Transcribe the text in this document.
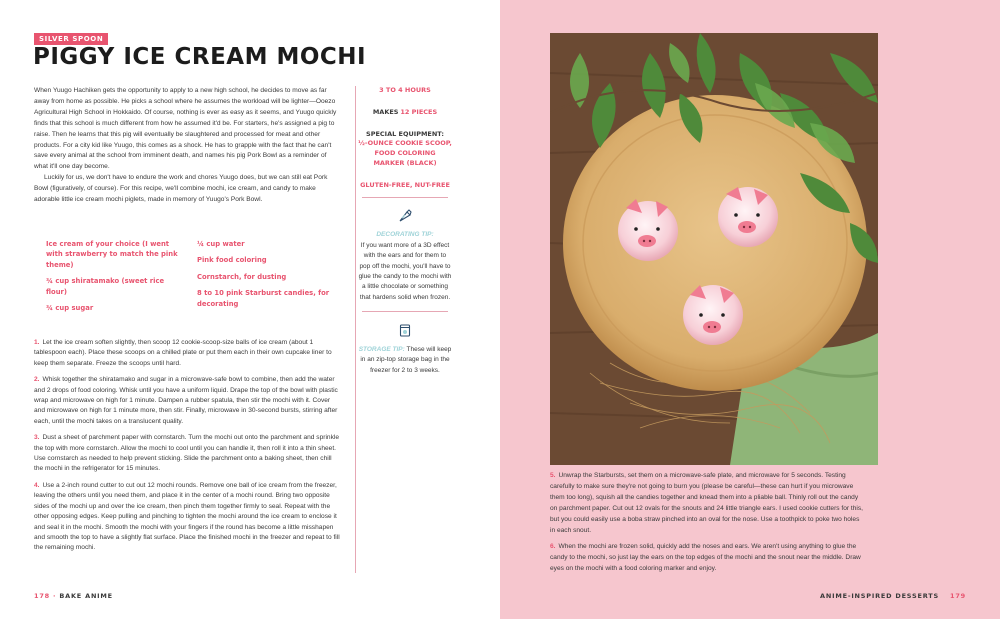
SILVER SPOON
PIGGY ICE CREAM MOCHI

When Yuugo Hachiken gets the opportunity to apply to a new high school, he decides to move as far away from home as possible. He picks a school where he assumes the workload will be lighter—Ooezo Agricultural High School in Hokkaido. Of course, nothing is ever as easy as it seems, and Yuugo quickly finds that this school is much different from how he assumed it'd be. For starters, he's assigned a pig to raise. Then he learns that this pig will eventually be slaughtered and processed for meat and other products. For a city kid like Yuugo, this comes as a shock. He has to grapple with the fact that he can't save every animal at the school from imminent death, and names his pig Pork Bowl as a reminder of what it'll one day become.

Luckily for us, we don't have to endure the work and chores Yuugo does, but we can still eat Pork Bowl (figuratively, of course). For this recipe, we'll combine mochi, ice cream, and candy to make adorable little ice cream mochi piglets, made in memory of Yuugo's Pork Bowl.

Ice cream of your choice (I went with strawberry to match the pink theme)
¾ cup shiratamako (sweet rice flour)
¾ cup sugar
¼ cup water
Pink food coloring
Cornstarch, for dusting
8 to 10 pink Starburst candies, for decorating

1. Let the ice cream soften slightly, then scoop 12 cookie-scoop-size balls of ice cream (about 1 tablespoon each). Place these scoops on a chilled plate or put them each in their own cupcake liner to keep them separate. Freeze the scoops until hard.

2. Whisk together the shiratamako and sugar in a microwave-safe bowl to combine, then add the water and 2 drops of food coloring. Whisk until you have a uniform liquid. Drape the top of the bowl with plastic wrap and microwave on high for 1 minute. Dampen a rubber spatula, then stir the mochi with it. Cover and microwave on high for 1 minute more, then stir. Finally, microwave in 30-second bursts, stirring after each, until the mochi takes on a translucent quality.

3. Dust a sheet of parchment paper with cornstarch. Turn the mochi out onto the parchment and sprinkle the top with more cornstarch. Allow the mochi to cool until you can handle it, then roll it into a thin sheet. Use cornstarch as needed to help prevent sticking. Slide the parchment onto a baking sheet, then chill the mochi in the refrigerator for 15 minutes.

4. Use a 2-inch round cutter to cut out 12 mochi rounds. Remove one ball of ice cream from the freezer, leaving the others until you need them, and place it in the center of a mochi round. Bring two opposite sides of the mochi up and over the ice cream, then pinch them together firmly to seal. Repeat with the other opposing edges. Keep pulling and pinching to tighten the mochi around the ice cream to enclose it and seal it in the mochi. Smooth the mochi with your fingers if the round has become a little misshapen and smooth the top to have a slightly flat surface. Place the finished mochi in the freezer and repeat to fill the remaining mochi.

3 TO 4 HOURS
MAKES 12 PIECES
SPECIAL EQUIPMENT:
½-OUNCE COOKIE SCOOP, FOOD COLORING MARKER (BLACK)
GLUTEN-FREE, NUT-FREE
DECORATING TIP:
If you want more of a 3D effect with the ears and for them to pop off the mochi, you'll have to glue the candy to the mochi with a little chocolate or something that hardens solid when frozen.
STORAGE TIP: These will keep in an zip-top storage bag in the freezer for 2 to 3 weeks.
178 · BAKE ANIME

5. Unwrap the Starbursts, set them on a microwave-safe plate, and microwave for 5 seconds. Testing carefully to make sure they're not going to burn you (please be careful—these can hurt if you microwave them too long), squish all the candies together and knead them into a pliable ball. Thinly roll out the candy on parchment paper. Cut out 12 ovals for the snouts and 24 little triangle ears. I used cookie cutters for this, but you could easily use a boba straw pinched into an oval for the nose. Use a toothpick to poke two holes in each snout.

6. When the mochi are frozen solid, quickly add the noses and ears. We aren't using anything to glue the candy to the mochi, so just lay the ears on the top edges of the mochi and the snout near the middle. Draw eyes on the mochi with a food coloring marker and enjoy.

ANIME-INSPIRED DESSERTS 179
